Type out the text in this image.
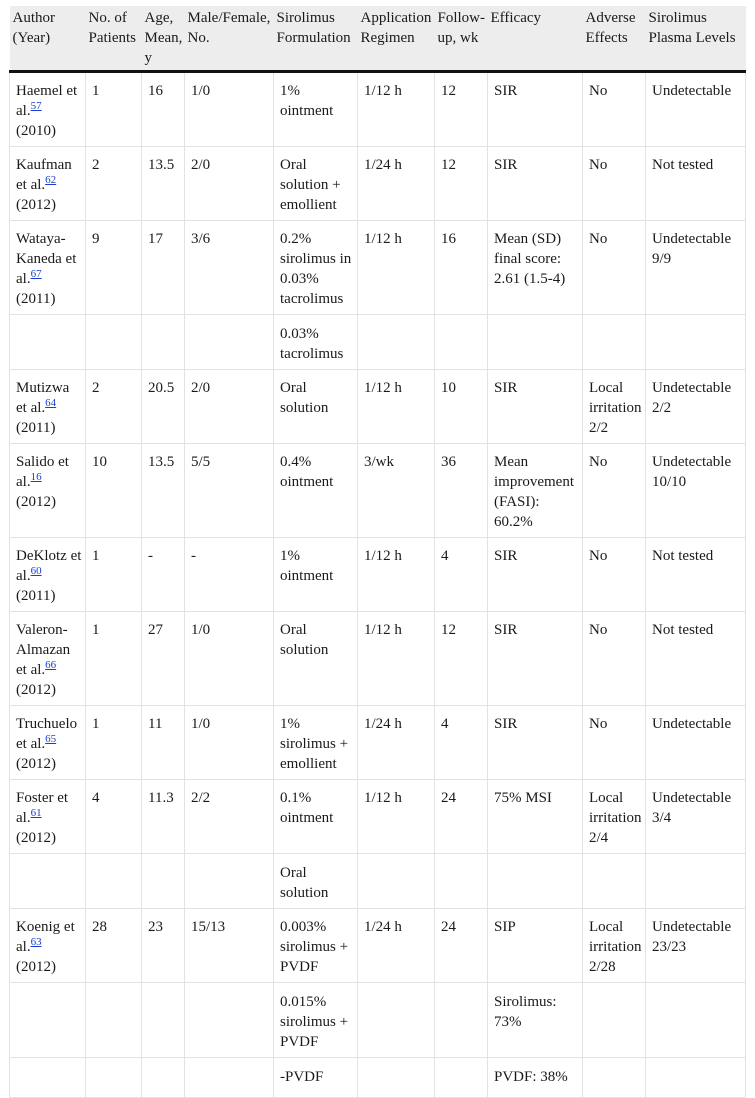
Author (Year)	No. of Patients	Age, Mean, y	Male/Female, No.	Sirolimus Formulation	Application Regimen	Follow-up, wk	Efficacy	Adverse Effects	Sirolimus Plasma Levels
Haemel et al.$^{57}$
(2010)	1	16	1/0	1% ointment	1/12 h	12	SIR	No	Undetectable
Kaufman et al.$^{62}$
(2012)	2	13.5	2/0	Oral solution + emollient	1/24 h	12	SIR	No	Not tested
Wataya-Kaneda et al.$^{67}$
(2011)	9	17	3/6	0.2% sirolimus in 0.03% tacrolimus	1/12 h	16	Mean (SD) final score: 2.61 (1.5-4)	No	Undetectable 9/9
				0.03% tacrolimus					
Mutizwa et al.$^{64}$
(2011)	2	20.5	2/0	Oral solution	1/12 h	10	SIR	Local irritation 2/2	Undetectable 2/2
Salido et al.$^{16}$
(2012)	10	13.5	5/5	0.4% ointment	3/wk	36	Mean improvement (FASI): 60.2%	No	Undetectable 10/10
DeKlotz et al.$^{60}$
(2011)	1	-	-	1% ointment	1/12 h	4	SIR	No	Not tested
Valeron-Almazan et al.$^{66}$
(2012)	1	27	1/0	Oral solution	1/12 h	12	SIR	No	Not tested
Truchuelo et al.$^{65}$
(2012)	1	11	1/0	1% sirolimus + emollient	1/24 h	4	SIR	No	Undetectable
Foster et al.$^{61}$
(2012)	4	11.3	2/2	0.1% ointment	1/12 h	24	75% MSI	Local irritation 2/4	Undetectable 3/4
				Oral solution					
Koenig et al.$^{63}$
(2012)	28	23	15/13	0.003% sirolimus + PVDF	1/24 h	24	SIP	Local irritation 2/28	Undetectable 23/23
				0.015% sirolimus + PVDF			Sirolimus: 73%		
				-PVDF			PVDF: 38%		
